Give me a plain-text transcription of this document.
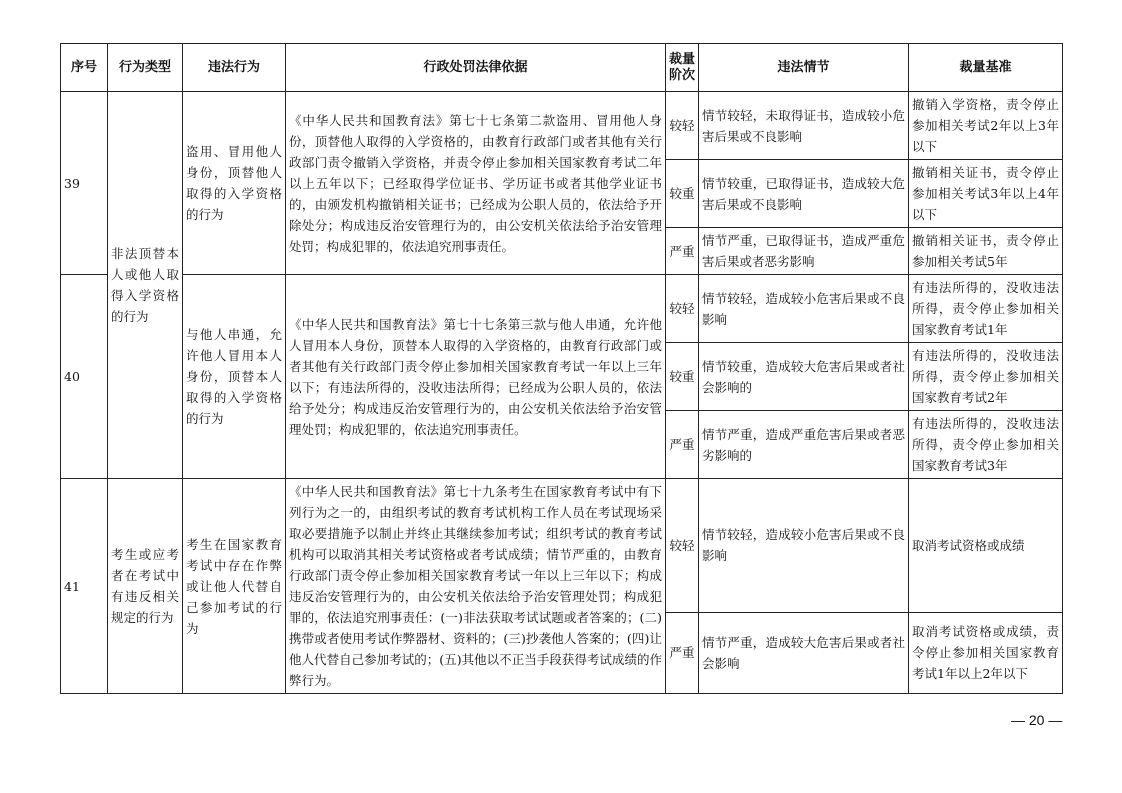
序号	行为类型	违法行为	行政处罚法律依据	裁量阶次	违法情节	裁量基准
39	非法顶替本人或他人取得入学资格的行为	盗用、冒用他人身份，顶替他人取得的入学资格的行为	《中华人民共和国教育法》第七十七条第二款盗用、冒用他人身份，顶替他人取得的入学资格的，由教育行政部门或者其他有关行政部门责令撤销入学资格，并责令停止参加相关国家教育考试二年以上五年以下；已经取得学位证书、学历证书或者其他学业证书的，由颁发机构撤销相关证书；已经成为公职人员的，依法给予开除处分；构成违反治安管理行为的，由公安机关依法给予治安管理处罚；构成犯罪的，依法追究刑事责任。	较轻	情节较轻，未取得证书，造成较小危害后果或不良影响	撤销入学资格，责令停止参加相关考试2年以上3年以下
				较重	情节较重，已取得证书，造成较大危害后果或不良影响	撤销相关证书，责令停止参加相关考试3年以上4年以下
				严重	情节严重，已取得证书，造成严重危害后果或者恶劣影响	撤销相关证书，责令停止参加相关考试5年
40		与他人串通，允许他人冒用本人身份，顶替本人取得的入学资格的行为	《中华人民共和国教育法》第七十七条第三款与他人串通，允许他人冒用本人身份，顶替本人取得的入学资格的，由教育行政部门或者其他有关行政部门责令停止参加相关国家教育考试一年以上三年以下；有违法所得的，没收违法所得；已经成为公职人员的，依法给予处分；构成违反治安管理行为的，由公安机关依法给予治安管理处罚；构成犯罪的，依法追究刑事责任。	较轻	情节较轻，造成较小危害后果或不良影响	有违法所得的，没收违法所得，责令停止参加相关国家教育考试1年
				较重	情节较重，造成较大危害后果或者社会影响的	有违法所得的，没收违法所得，责令停止参加相关国家教育考试2年
				严重	情节严重，造成严重危害后果或者恶劣影响的	有违法所得的，没收违法所得，责令停止参加相关国家教育考试3年
41	考生或应考者在考试中有违反相关规定的行为	考生在国家教育考试中存在作弊或让他人代替自己参加考试的行为	《中华人民共和国教育法》第七十九条考生在国家教育考试中有下列行为之一的，由组织考试的教育考试机构工作人员在考试现场采取必要措施予以制止并终止其继续参加考试；组织考试的教育考试机构可以取消其相关考试资格或者考试成绩；情节严重的，由教育行政部门责令停止参加相关国家教育考试一年以上三年以下；构成违反治安管理行为的，由公安机关依法给予治安管理处罚；构成犯罪的，依法追究刑事责任：(一)非法获取考试试题或者答案的；(二)携带或者使用考试作弊器材、资料的；(三)抄袭他人答案的；(四)让他人代替自己参加考试的；(五)其他以不正当手段获得考试成绩的作弊行为。	较轻	情节较轻，造成较小危害后果或不良影响	取消考试资格或成绩
				严重	情节严重，造成较大危害后果或者社会影响	取消考试资格或成绩，责令停止参加相关国家教育考试1年以上2年以下
— 20 —
